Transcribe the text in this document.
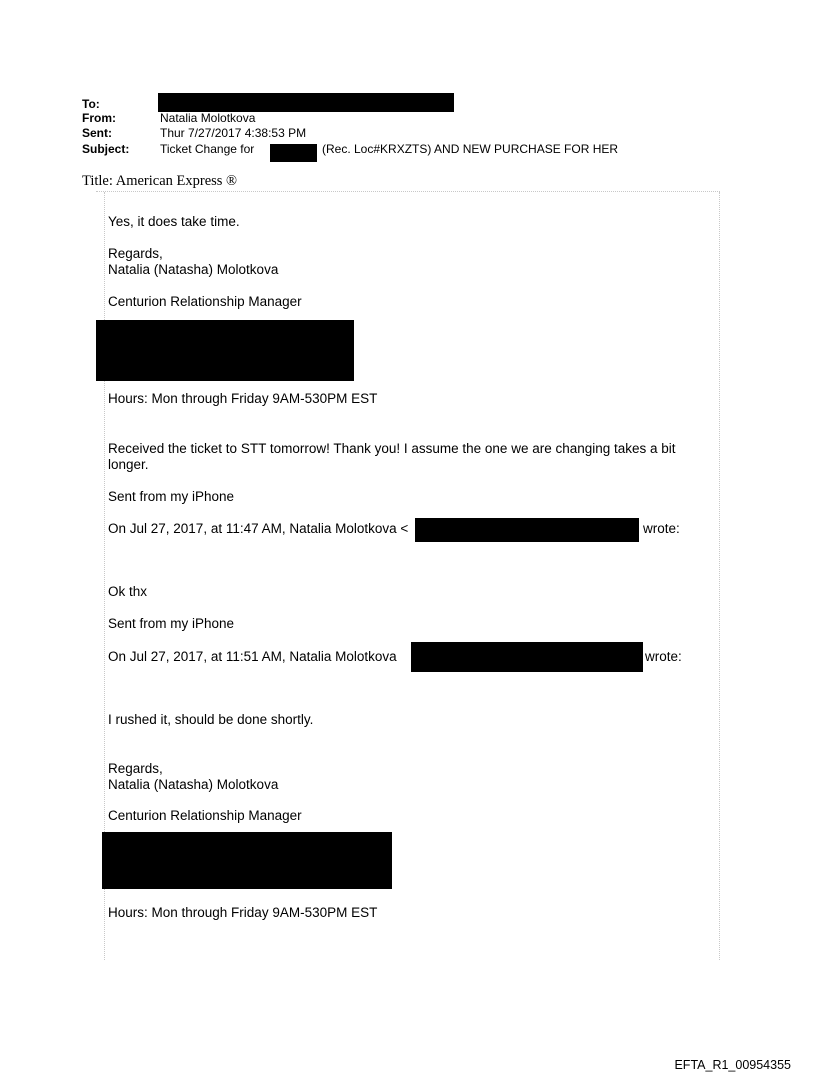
To:
From:	Natalia Molotkova
Sent:	Thur 7/27/2017 4:38:53 PM
Subject:	Ticket Change for	(Rec. Loc#KRXZTS) AND NEW PURCHASE FOR HER
Title: American Express ®
Yes, it does take time.
Regards,
Natalia (Natasha) Molotkova
Centurion Relationship Manager
Hours: Mon through Friday 9AM-530PM EST
Received the ticket to STT tomorrow! Thank you! I assume the one we are changing takes a bit longer.
Sent from my iPhone
On Jul 27, 2017, at 11:47 AM, Natalia Molotkova <	wrote:
Ok thx
Sent from my iPhone
On Jul 27, 2017, at 11:51 AM, Natalia Molotkova	wrote:
I rushed it, should be done shortly.
Regards,
Natalia (Natasha) Molotkova
Centurion Relationship Manager
Hours: Mon through Friday 9AM-530PM EST
EFTA_R1_00954355
